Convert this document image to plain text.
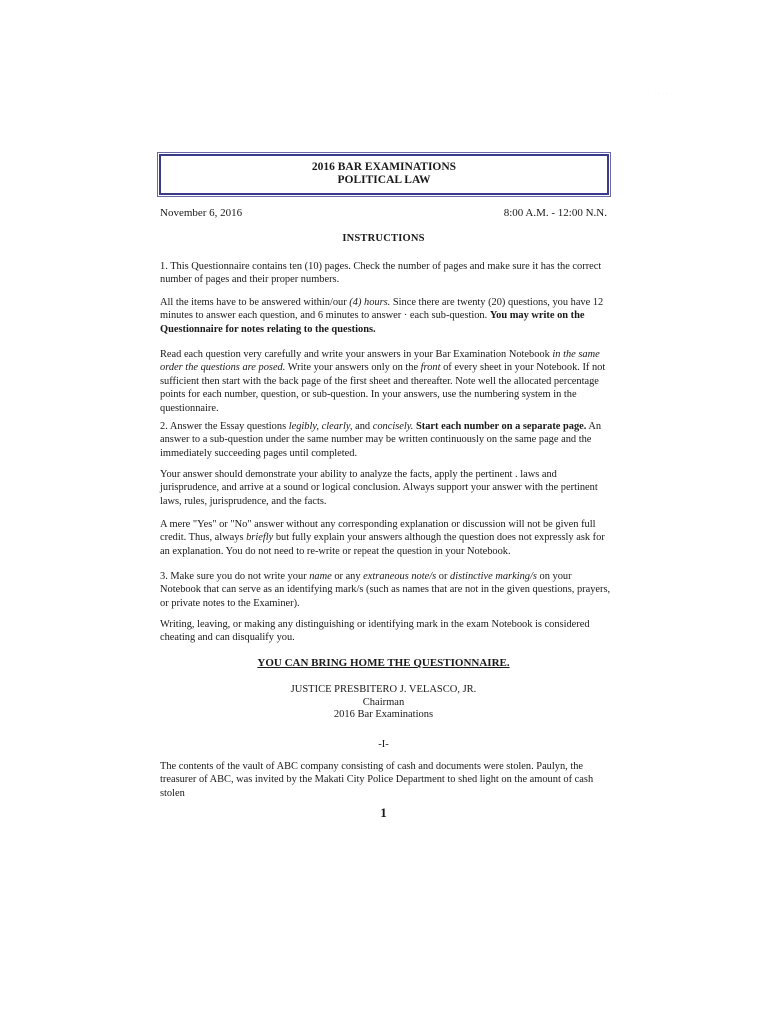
· · · · ·
2016 BAR EXAMINATIONS
POLITICAL LAW
November 6, 2016	8:00 A.M. - 12:00 N.N.
INSTRUCTIONS

1. This Questionnaire contains ten (10) pages. Check the number of pages and make sure it has the correct number of pages and their proper numbers.

All the items have to be answered within/our (4) hours. Since there are twenty (20) questions, you have 12 minutes to answer each question, and 6 minutes to answer · each sub-question. You may write on the Questionnaire for notes relating to the questions.

Read each question very carefully and write your answers in your Bar Examination Notebook in the same order the questions are posed. Write your answers only on the front of every sheet in your Notebook. If not sufficient then start with the back page of the first sheet and thereafter. Note well the allocated percentage points for each number, question, or sub-question. In your answers, use the numbering system in the questionnaire.

2. Answer the Essay questions legibly, clearly, and concisely. Start each number on a separate page. An answer to a sub-question under the same number may be written continuously on the same page and the immediately succeeding pages until completed.

Your answer should demonstrate your ability to analyze the facts, apply the pertinent . laws and jurisprudence, and arrive at a sound or logical conclusion. Always support your answer with the pertinent laws, rules, jurisprudence, and the facts.

A mere "Yes" or "No" answer without any corresponding explanation or discussion will not be given full credit. Thus, always briefly but fully explain your answers although the question does not expressly ask for an explanation. You do not need to re-write or repeat the question in your Notebook.

3. Make sure you do not write your name or any extraneous note/s or distinctive marking/s on your Notebook that can serve as an identifying mark/s (such as names that are not in the given questions, prayers, or private notes to the Examiner).

Writing, leaving, or making any distinguishing or identifying mark in the exam Notebook is considered cheating and can disqualify you.

YOU CAN BRING HOME THE QUESTIONNAIRE.
JUSTICE PRESBITERO J. VELASCO, JR.
Chairman
2016 Bar Examinations
-I-

The contents of the vault of ABC company consisting of cash and documents were stolen. Paulyn, the treasurer of ABC, was invited by the Makati City Police Department to shed light on the amount of cash stolen

1
